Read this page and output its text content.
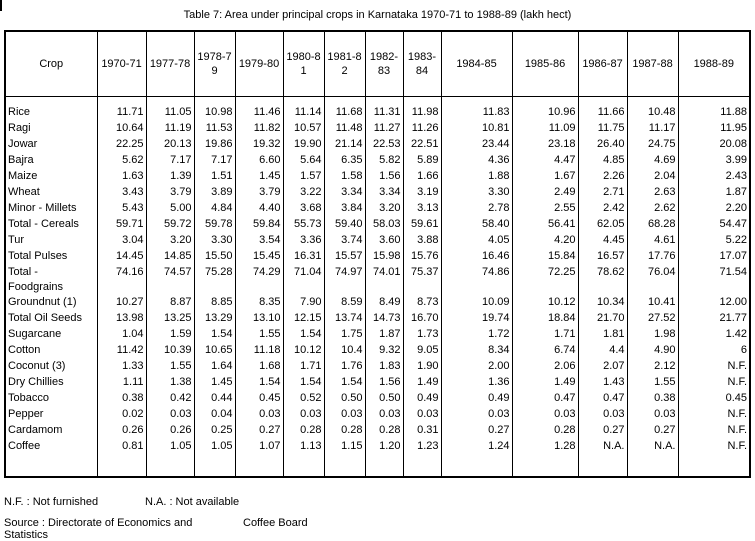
Table 7: Area under principal crops in Karnataka 1970-71 to 1988-89 (lakh hect)
Crop	1970-71	1977-78	1978-79	1979-80	1980-81	1981-82	1982-83	1983-84	1984-85	1985-86	1986-87	1987-88	1988-89

Rice	11.71	11.05	10.98	11.46	11.14	11.68	11.31	11.98	11.83	10.96	11.66	10.48	11.88
Ragi	10.64	11.19	11.53	11.82	10.57	11.48	11.27	11.26	10.81	11.09	11.75	11.17	11.95
Jowar	22.25	20.13	19.86	19.32	19.90	21.14	22.53	22.51	23.44	23.18	26.40	24.75	20.08
Bajra	5.62	7.17	7.17	6.60	5.64	6.35	5.82	5.89	4.36	4.47	4.85	4.69	3.99
Maize	1.63	1.39	1.51	1.45	1.57	1.58	1.56	1.66	1.88	1.67	2.26	2.04	2.43
Wheat	3.43	3.79	3.89	3.79	3.22	3.34	3.34	3.19	3.30	2.49	2.71	2.63	1.87
Minor - Millets	5.43	5.00	4.84	4.40	3.68	3.84	3.20	3.13	2.78	2.55	2.42	2.62	2.20
Total - Cereals	59.71	59.72	59.78	59.84	55.73	59.40	58.03	59.61	58.40	56.41	62.05	68.28	54.47
Tur	3.04	3.20	3.30	3.54	3.36	3.74	3.60	3.88	4.05	4.20	4.45	4.61	5.22
Total Pulses	14.45	14.85	15.50	15.45	16.31	15.57	15.98	15.76	16.46	15.84	16.57	17.76	17.07
Total - Foodgrains	74.16	74.57	75.28	74.29	71.04	74.97	74.01	75.37	74.86	72.25	78.62	76.04	71.54
Groundnut (1)	10.27	8.87	8.85	8.35	7.90	8.59	8.49	8.73	10.09	10.12	10.34	10.41	12.00
Total Oil Seeds	13.98	13.25	13.29	13.10	12.15	13.74	14.73	16.70	19.74	18.84	21.70	27.52	21.77
Sugarcane	1.04	1.59	1.54	1.55	1.54	1.75	1.87	1.73	1.72	1.71	1.81	1.98	1.42
Cotton	11.42	10.39	10.65	11.18	10.12	10.4	9.32	9.05	8.34	6.74	4.4	4.90	6
Coconut (3)	1.33	1.55	1.64	1.68	1.71	1.76	1.83	1.90	2.00	2.06	2.07	2.12	N.F.
Dry Chillies	1.11	1.38	1.45	1.54	1.54	1.54	1.56	1.49	1.36	1.49	1.43	1.55	N.F.
Tobacco	0.38	0.42	0.44	0.45	0.52	0.50	0.50	0.49	0.49	0.47	0.47	0.38	0.45
Pepper	0.02	0.03	0.04	0.03	0.03	0.03	0.03	0.03	0.03	0.03	0.03	0.03	N.F.
Cardamom	0.26	0.26	0.25	0.27	0.28	0.28	0.28	0.31	0.27	0.28	0.27	0.27	N.F.
Coffee	0.81	1.05	1.05	1.07	1.13	1.15	1.20	1.23	1.24	1.28	N.A.	N.A.	N.F.

N.F. : Not furnished	N.A. : Not available
Source : Directorate of Economics and	Coffee Board
Statistics
